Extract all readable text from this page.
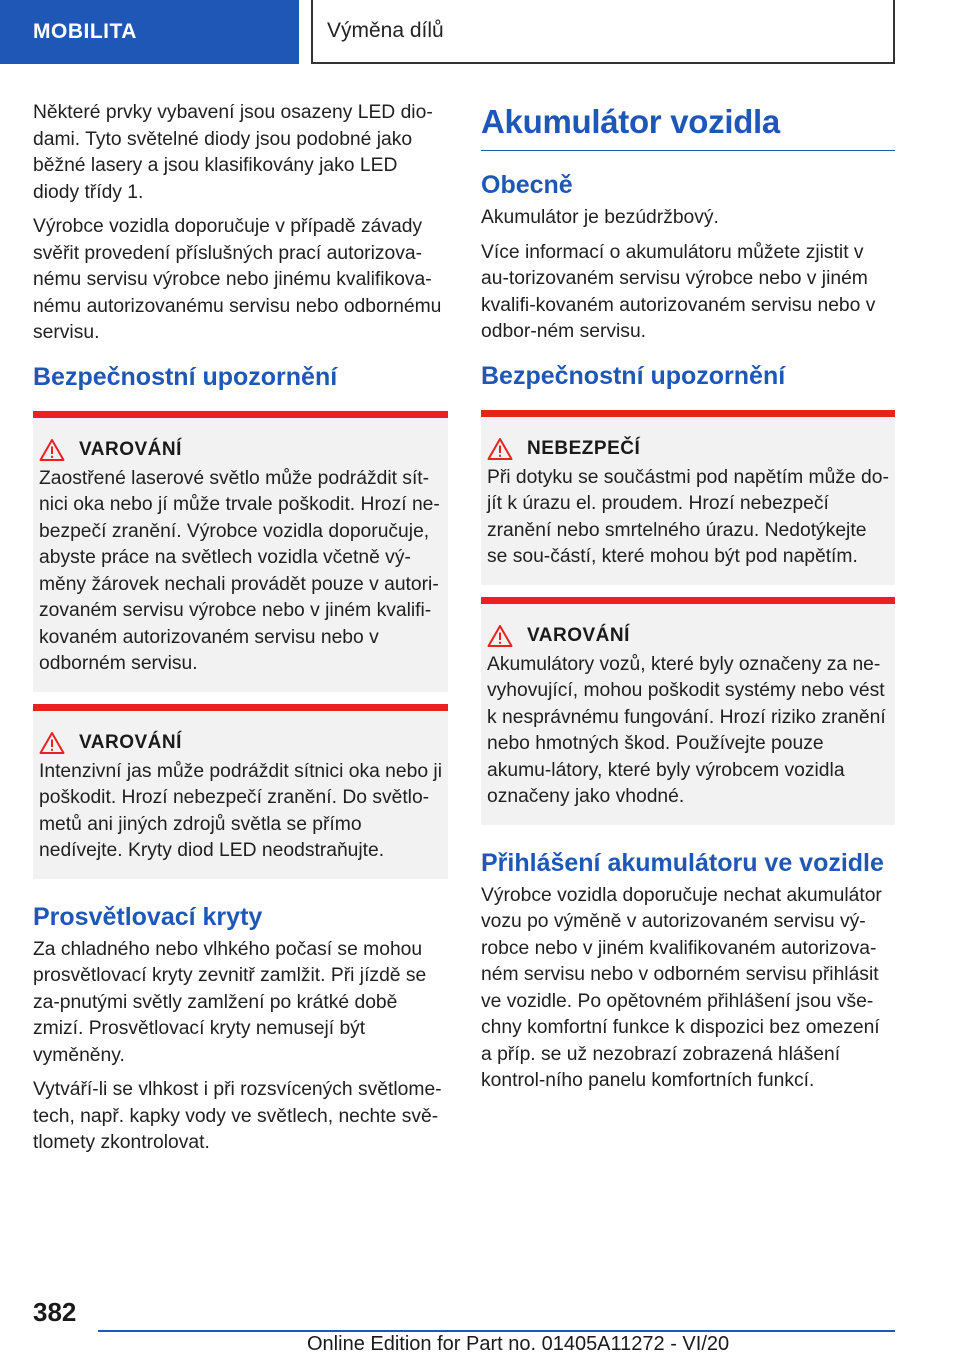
MOBILITA	Výměna dílů

Některé prvky vybavení jsou osazeny LED dio-dami. Tyto světelné diody jsou podobné jako běžné lasery a jsou klasifikovány jako LED diody třídy 1.

Výrobce vozidla doporučuje v případě závady svěřit provedení příslušných prací autorizova-nému servisu výrobce nebo jinému kvalifikova-nému autorizovanému servisu nebo odbornému servisu.

Bezpečnostní upozornění
VAROVÁNÍ

Zaostřené laserové světlo může podráždit sít-nici oka nebo jí může trvale poškodit. Hrozí ne-bezpečí zranění. Výrobce vozidla doporučuje, abyste práce na světlech vozidla včetně vý-měny žárovek nechali provádět pouze v autori-zovaném servisu výrobce nebo v jiném kvalifi-kovaném autorizovaném servisu nebo v odborném servisu.

VAROVÁNÍ

Intenzivní jas může podráždit sítnici oka nebo ji poškodit. Hrozí nebezpečí zranění. Do světlo-metů ani jiných zdrojů světla se přímo nedívejte. Kryty diod LED neodstraňujte.

Prosvětlovací kryty

Za chladného nebo vlhkého počasí se mohou prosvětlovací kryty zevnitř zamlžit. Při jízdě se za-pnutými světly zamlžení po krátké době zmizí. Prosvětlovací kryty nemusejí být vyměněny.

Vytváří-li se vlhkost i při rozsvícených světlome-tech, např. kapky vody ve světlech, nechte svě-tlomety zkontrolovat.

Akumulátor vozidla
Obecně

Akumulátor je bezúdržbový.

Více informací o akumulátoru můžete zjistit v au-torizovaném servisu výrobce nebo v jiném kvalifi-kovaném autorizovaném servisu nebo v odbor-ném servisu.

Bezpečnostní upozornění
NEBEZPEČÍ

Při dotyku se součástmi pod napětím může do-jít k úrazu el. proudem. Hrozí nebezpečí zranění nebo smrtelného úrazu. Nedotýkejte se sou-částí, které mohou být pod napětím.

VAROVÁNÍ

Akumulátory vozů, které byly označeny za ne-vyhovující, mohou poškodit systémy nebo vést k nesprávnému fungování. Hrozí riziko zranění nebo hmotných škod. Používejte pouze akumu-látory, které byly výrobcem vozidla označeny jako vhodné.

Přihlášení akumulátoru ve vozidle

Výrobce vozidla doporučuje nechat akumulátor vozu po výměně v autorizovaném servisu vý-robce nebo v jiném kvalifikovaném autorizova-ném servisu nebo v odborném servisu přihlásit ve vozidle. Po opětovném přihlášení jsou vše-chny komfortní funkce k dispozici bez omezení a příp. se už nezobrazí zobrazená hlášení kontrol-ního panelu komfortních funkcí.

382
Online Edition for Part no. 01405A11272 - VI/20
